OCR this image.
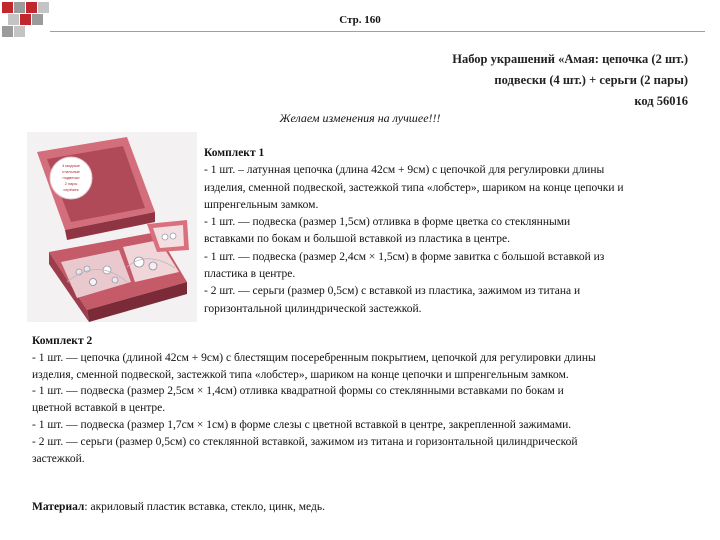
Стр. 160
Набор украшений «Амая: цепочка (2 шт.)
подвески (4 шт.) + серьги (2 пары)
код 56016
Желаем изменения на лучшее!!!
4 модные
стильные
подвески
2 пары
серёжек
Комплект 1
- 1 шт. – латунная цепочка (длина 42см + 9см) с цепочкой для регулировки длины
изделия, сменной подвеской, застежкой типа «лобстер», шариком на конце цепочки и
шпренгельным замком.
- 1 шт. — подвеска (размер 1,5см) отливка в форме цветка со стеклянными
вставками по бокам и большой вставкой из пластика в центре.
- 1 шт. — подвеска (размер 2,4см × 1,5см) в форме завитка с большой вставкой из
пластика в центре.
- 2 шт. — серьги (размер 0,5см) с вставкой из пластика, зажимом из титана и
горизонтальной цилиндрической застежкой.
Комплект 2
- 1 шт. — цепочка (длиной 42см + 9см) с блестящим посеребренным покрытием, цепочкой для регулировки длины
изделия, сменной подвеской, застежкой типа «лобстер», шариком на конце цепочки и шпренгельным замком.
- 1 шт. — подвеска (размер 2,5см × 1,4см) отливка квадратной формы со стеклянными вставками по бокам и
цветной вставкой в центре.
- 1 шт. — подвеска (размер 1,7см × 1см) в форме слезы с цветной вставкой в центре, закрепленной зажимами.
- 2 шт. — серьги (размер 0,5см) со стеклянной вставкой, зажимом из титана и горизонтальной цилиндрической
застежкой.
Материал: акриловый пластик вставка, стекло, цинк, медь.
